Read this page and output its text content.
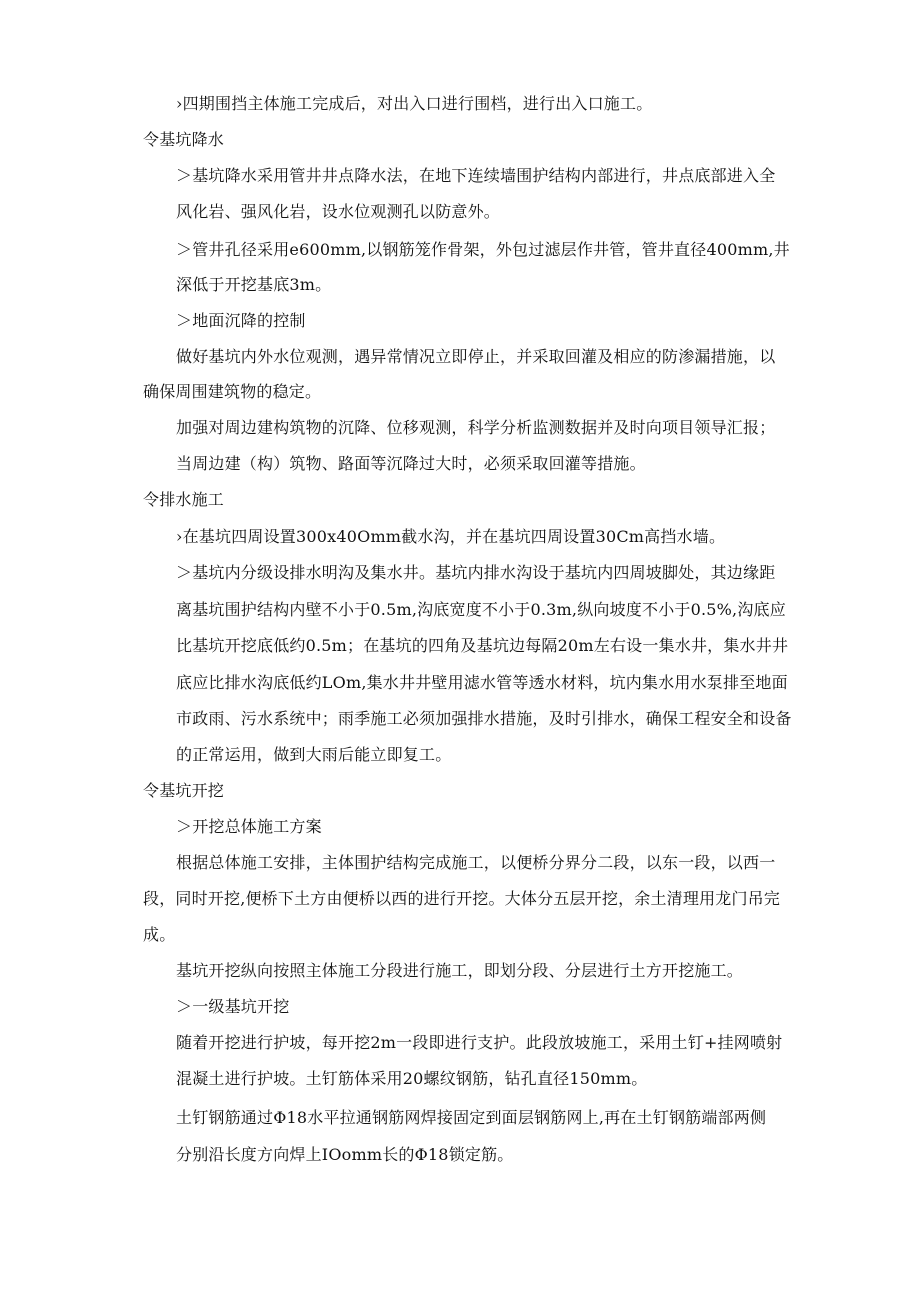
›四期围挡主体施工完成后，对出入口进行围档，进行出入口施工。
令基坑降水
＞基坑降水采用管井井点降水法，在地下连续墙围护结构内部进行，井点底部进入全
风化岩、强风化岩，设水位观测孔以防意外。
＞管井孔径采用e600mm,以钢筋笼作骨架，外包过滤层作井管，管井直径400mm,井
深低于开挖基底3m。
＞地面沉降的控制
做好基坑内外水位观测，遇异常情况立即停止，并采取回灌及相应的防渗漏措施，以
确保周围建筑物的稳定。
加强对周边建构筑物的沉降、位移观测，科学分析监测数据并及时向项目领导汇报；
当周边建（构）筑物、路面等沉降过大时，必须采取回灌等措施。
令排水施工
›在基坑四周设置300x40Omm截水沟，并在基坑四周设置30Cm高挡水墙。
＞基坑内分级设排水明沟及集水井。基坑内排水沟设于基坑内四周坡脚处，其边缘距
离基坑围护结构内壁不小于0.5m,沟底宽度不小于0.3m,纵向坡度不小于0.5%,沟底应
比基坑开挖底低约0.5m；在基坑的四角及基坑边每隔20m左右设一集水井，集水井井
底应比排水沟底低约LOm,集水井井壁用滤水管等透水材料，坑内集水用水泵排至地面
市政雨、污水系统中；雨季施工必须加强排水措施，及时引排水，确保工程安全和设备
的正常运用，做到大雨后能立即复工。
令基坑开挖
＞开挖总体施工方案
根据总体施工安排，主体围护结构完成施工，以便桥分界分二段，以东一段，以西一
段，同时开挖,便桥下土方由便桥以西的进行开挖。大体分五层开挖，余土清理用龙门吊完
成。
基坑开挖纵向按照主体施工分段进行施工，即划分段、分层进行土方开挖施工。
＞一级基坑开挖
随着开挖进行护坡，每开挖2m一段即进行支护。此段放坡施工，采用土钉+挂网喷射
混凝土进行护坡。土钉筋体采用20螺纹钢筋，钻孔直径150mm。
土钉钢筋通过Φ18水平拉通钢筋网焊接固定到面层钢筋网上,再在土钉钢筋端部两侧
分别沿长度方向焊上IOomm长的Φ18锁定筋。
